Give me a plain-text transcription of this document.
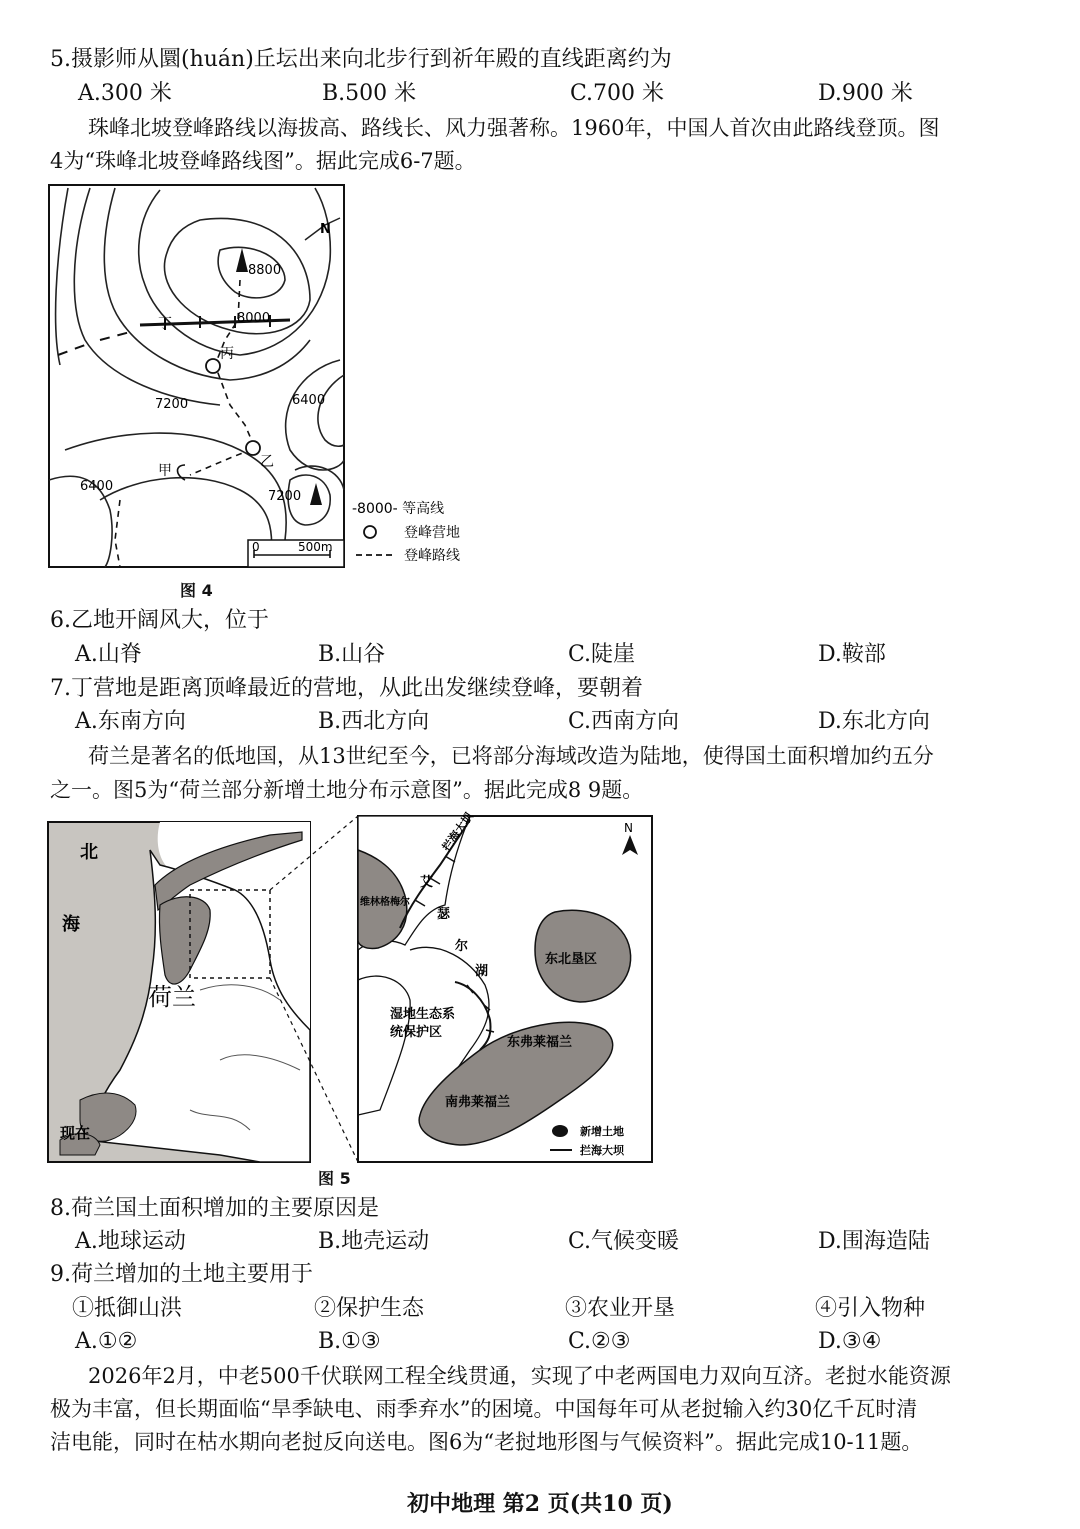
5.摄影师从圜(huán)丘坛出来向北步行到祈年殿的直线距离约为
A.300 米	B.500 米	C.700 米	D.900 米
珠峰北坡登峰路线以海拔高、路线长、风力强著称。1960年，中国人首次由此路线登顶。图
4为“珠峰北坡登峰路线图”。据此完成6-7题。
8800
8000
7200	6400
6400
7200
丙
乙
甲
丁
N
0	500m
-8000- 等高线
登峰营地
登峰路线
图 4
6.乙地开阔风大，位于
A.山脊	B.山谷	C.陡崖	D.鞍部
7.丁营地是距离顶峰最近的营地，从此出发继续登峰，要朝着
A.东南方向	B.西北方向	C.西南方向	D.东北方向
荷兰是著名的低地国，从13世纪至今，已将部分海域改造为陆地，使得国土面积增加约五分
之一。图5为“荷兰部分新增土地分布示意图”。据此完成8 9题。
北
海
荷兰
现在
N
拦海大坝
艾
瑟
尔
湖
维林格梅尔
东北垦区
湿地生态系
统保护区
东弗莱福兰
南弗莱福兰
新增土地
拦海大坝
图 5
8.荷兰国土面积增加的主要原因是
A.地球运动	B.地壳运动	C.气候变暖	D.围海造陆
9.荷兰增加的土地主要用于
①抵御山洪	②保护生态	③农业开垦	④引入物种
A.①②	B.①③	C.②③	D.③④
2026年2月，中老500千伏联网工程全线贯通，实现了中老两国电力双向互济。老挝水能资源
极为丰富，但长期面临“旱季缺电、雨季弃水”的困境。中国每年可从老挝输入约30亿千瓦时清
洁电能，同时在枯水期向老挝反向送电。图6为“老挝地形图与气候资料”。据此完成10-11题。
初中地理 第2 页(共10 页)
